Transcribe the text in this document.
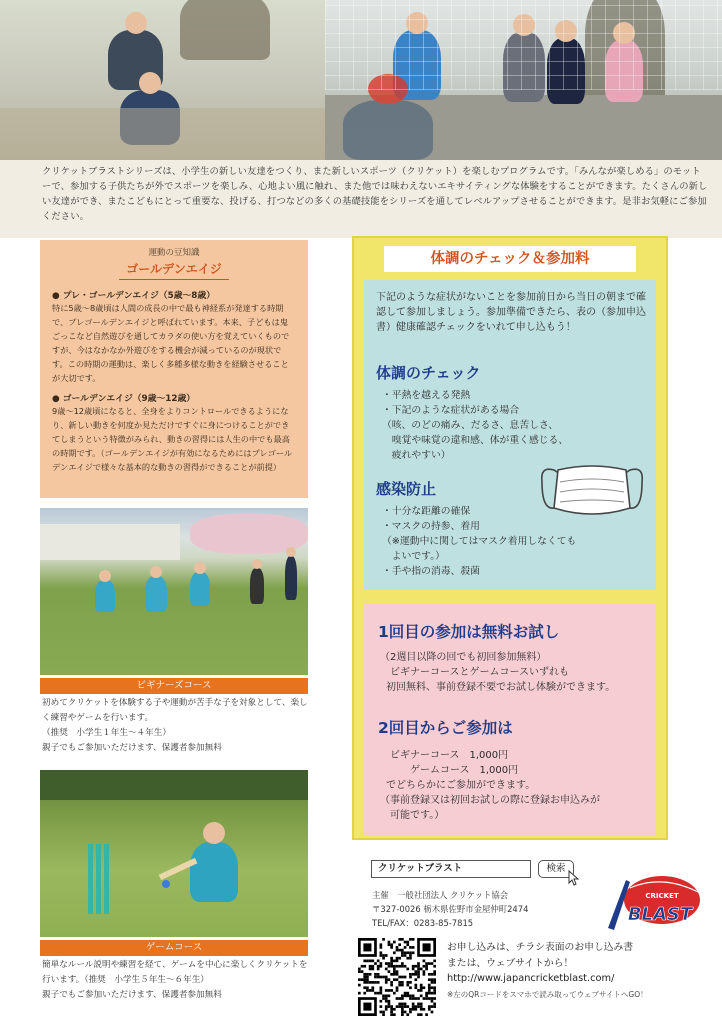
クリケットブラストシリーズは、小学生の新しい友達をつくり、また新しいスポーツ（クリケット）を楽しむプログラムです。「みんなが楽しめる」のモットーで、参加する子供たちが外でスポーツを楽しみ、心地よい風に触れ、また他では味わえないエキサイティングな体験をすることができます。たくさんの新しい友達ができ、またこどもにとって重要な、投げる、打つなどの多くの基礎技能をシリーズを通してレベルアップさせることができます。是非お気軽にご参加ください。

運動の豆知識
ゴールデンエイジ
● プレ・ゴールデンエイジ（5歳〜8歳）
特に5歳〜8歳頃は人間の成長の中で最も神経系が発達する時期で、プレゴールデンエイジと呼ばれています。本来、子どもは鬼ごっこなど自然遊びを通してカラダの使い方を覚えていくものですが、今はなかなか外遊びをする機会が減っているのが現状です。この時期の運動は、楽しく多種多様な動きを経験させることが大切です。
● ゴールデンエイジ（9歳〜12歳）
9歳〜12歳頃になると、全身をよりコントロールできるようになり、新しい動きを何度か見ただけですぐに身につけることができてしまうという特徴がみられ、動きの習得には人生の中でも最高の時期です。（ゴールデンエイジが有効になるためにはプレゴールデンエイジで様々な基本的な動きの習得ができることが前提）
ビギナーズコース
初めてクリケットを体験する子や運動が苦手な子を対象として、楽しく練習やゲームを行います。
（推奨　小学生１年生〜４年生）
親子でもご参加いただけます、保護者参加無料
ゲームコース
簡単なルール説明や練習を経て、ゲームを中心に楽しくクリケットを行います。（推奨　小学生５年生〜６年生）
親子でもご参加いただけます、保護者参加無料
体調のチェック＆参加料
下記のような症状がないことを参加前日から当日の朝まで確認して参加しましょう。参加準備できたら、表の（参加申込書）健康確認チェックをいれて申し込もう！
体調のチェック
・平熱を越える発熱
・下記のような症状がある場合
（咳、のどの痛み、だるさ、息苦しさ、
　嗅覚や味覚の違和感、体が重く感じる、
　疲れやすい）
感染防止
・十分な距離の確保
・マスクの持参、着用
（※運動中に関してはマスク着用しなくても
　よいです。）
・手や指の消毒、殺菌
1回目の参加は無料お試し
（2週目以降の回でも初回参加無料）
ビギナーコースとゲームコースいずれも
初回無料、事前登録不要でお試し体験ができます。
2回目からご参加は
ビギナーコース　1,000円
　　ゲームコース　1,000円
でどちらかにご参加ができます。
（事前登録又は初回お試しの際に登録お申込みが
　可能です。）
クリケットブラスト	検索
主催　一般社団法人 クリケット協会
〒327-0026 栃木県佐野市金屋仲町2474
TEL/FAX：0283-85-7815
CRICKET
BLAST
お申し込みは、チラシ表面のお申し込み書
または、ウェブサイトから！
http://www.japancricketblast.com/
※左のQRコードをスマホで読み取ってウェブサイトへGO！
